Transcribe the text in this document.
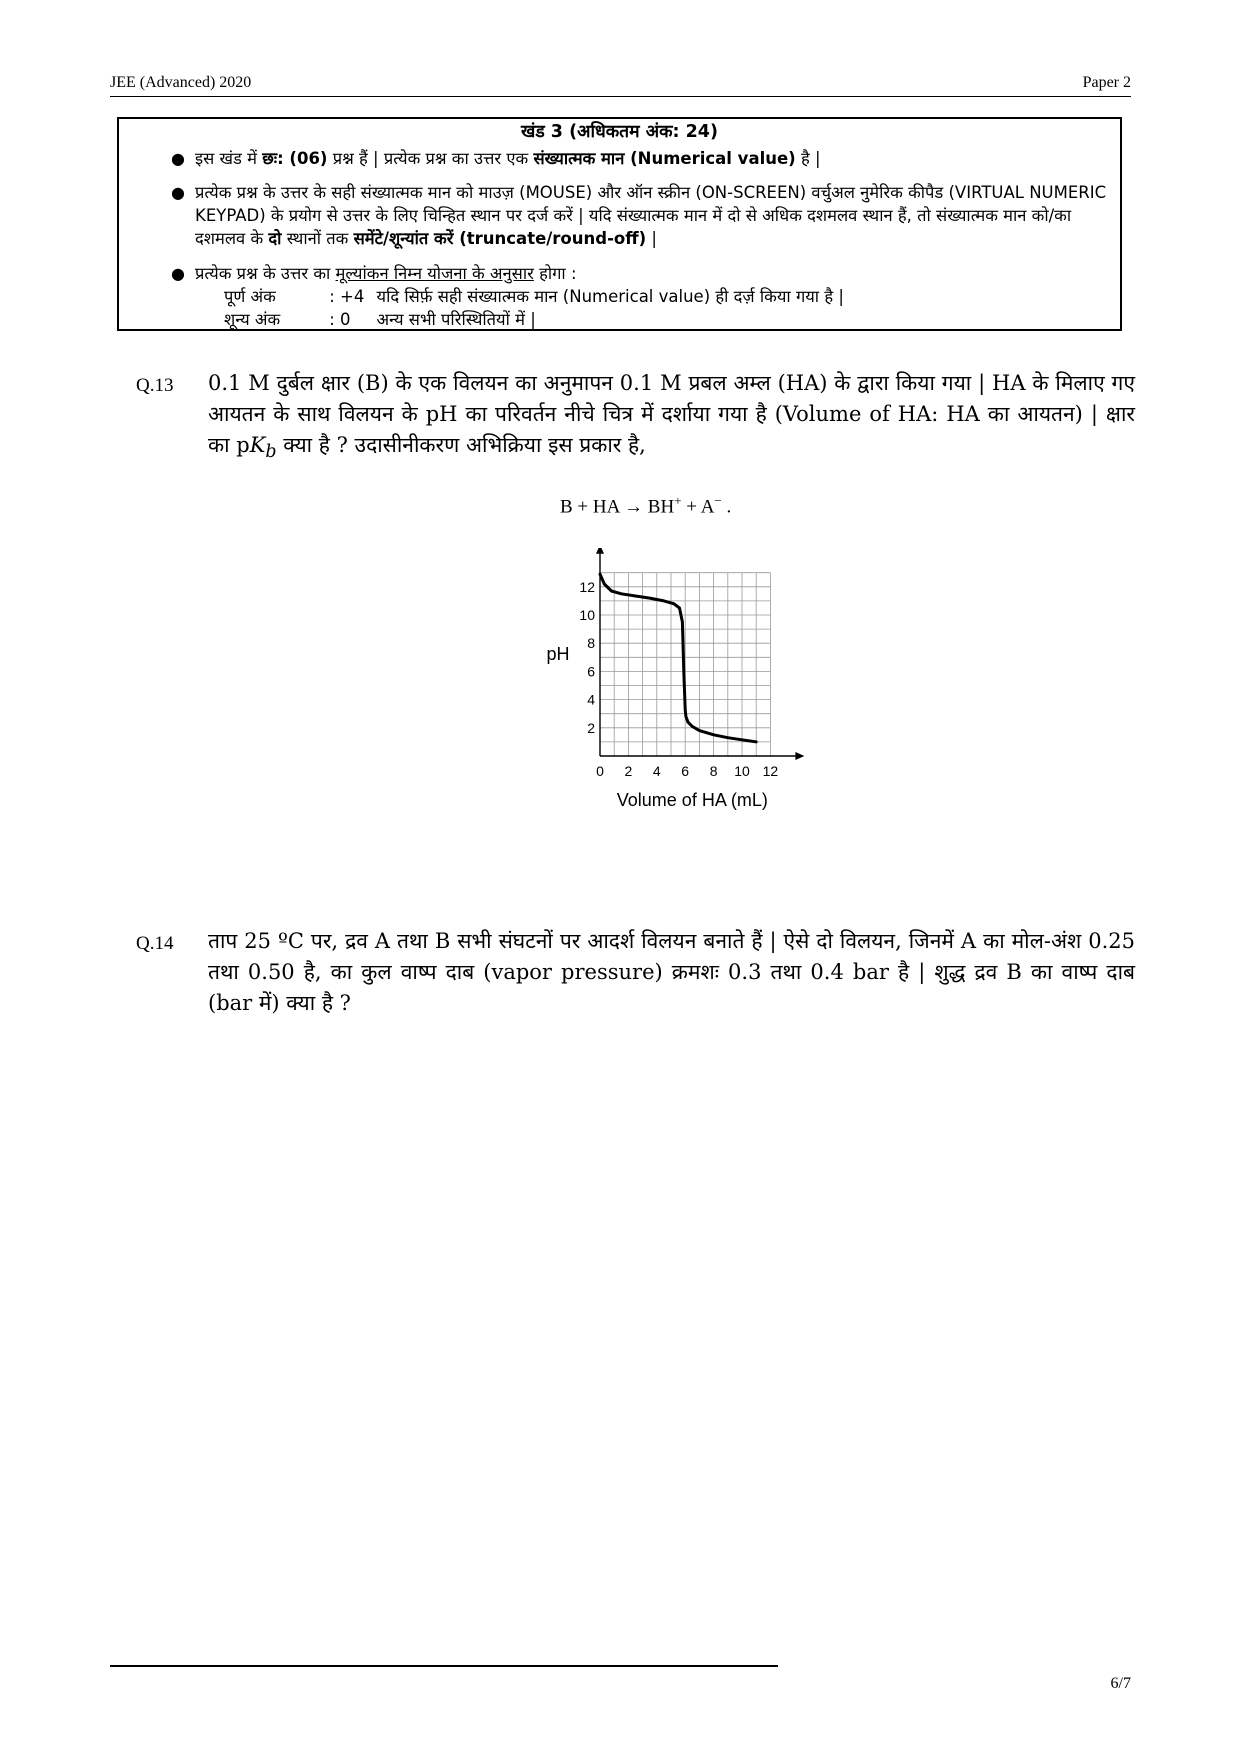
JEE (Advanced) 2020	Paper 2
खंड 3 (अधिकतम अंक: 24)
● इस खंड में छः: (06) प्रश्न हैं | प्रत्येक प्रश्न का उत्तर एक संख्यात्मक मान (Numerical value) है |
● प्रत्येक प्रश्न के उत्तर के सही संख्यात्मक मान को माउज़ (MOUSE) और ऑन स्क्रीन (ON-SCREEN) वर्चुअल नुमेरिक कीपैड (VIRTUAL NUMERIC KEYPAD) के प्रयोग से उत्तर के लिए चिन्हित स्थान पर दर्ज करें | यदि संख्यात्मक मान में दो से अधिक दशमलव स्थान हैं, तो संख्यात्मक मान को/का दशमलव के दो स्थानों तक समेंटे/शून्यांत करें (truncate/round-off) |
● प्रत्येक प्रश्न के उत्तर का मूल्यांकन निम्न योजना के अनुसार होगा :
पूर्ण अंक	: +4 यदि सिर्फ़ सही संख्यात्मक मान (Numerical value) ही दर्ज़ किया गया है |
शून्य अंक	: 0 अन्य सभी परिस्थितियों में |
Q.13 0.1 M दुर्बल क्षार (B) के एक विलयन का अनुमापन 0.1 M प्रबल अम्ल (HA) के द्वारा किया गया | HA के मिलाए गए आयतन के साथ विलयन के pH का परिवर्तन नीचे चित्र में दर्शाया गया है (Volume of HA: HA का आयतन) | क्षार का $pK_b$ क्या है ? उदासीनीकरण अभिक्रिया इस प्रकार है,
B + HA → BH+ + A− .
0 2 4 6 8 10 12
2
4
6
8
10
12
pH
Volume of HA (mL)
Q.14 ताप 25 ºC पर, द्रव A तथा B सभी संघटनों पर आदर्श विलयन बनाते हैं | ऐसे दो विलयन, जिनमें A का मोल-अंश 0.25 तथा 0.50 है, का कुल वाष्प दाब (vapor pressure) क्रमशः 0.3 तथा 0.4 bar है | शुद्ध द्रव B का वाष्प दाब (bar में) क्या है ?
6/7
